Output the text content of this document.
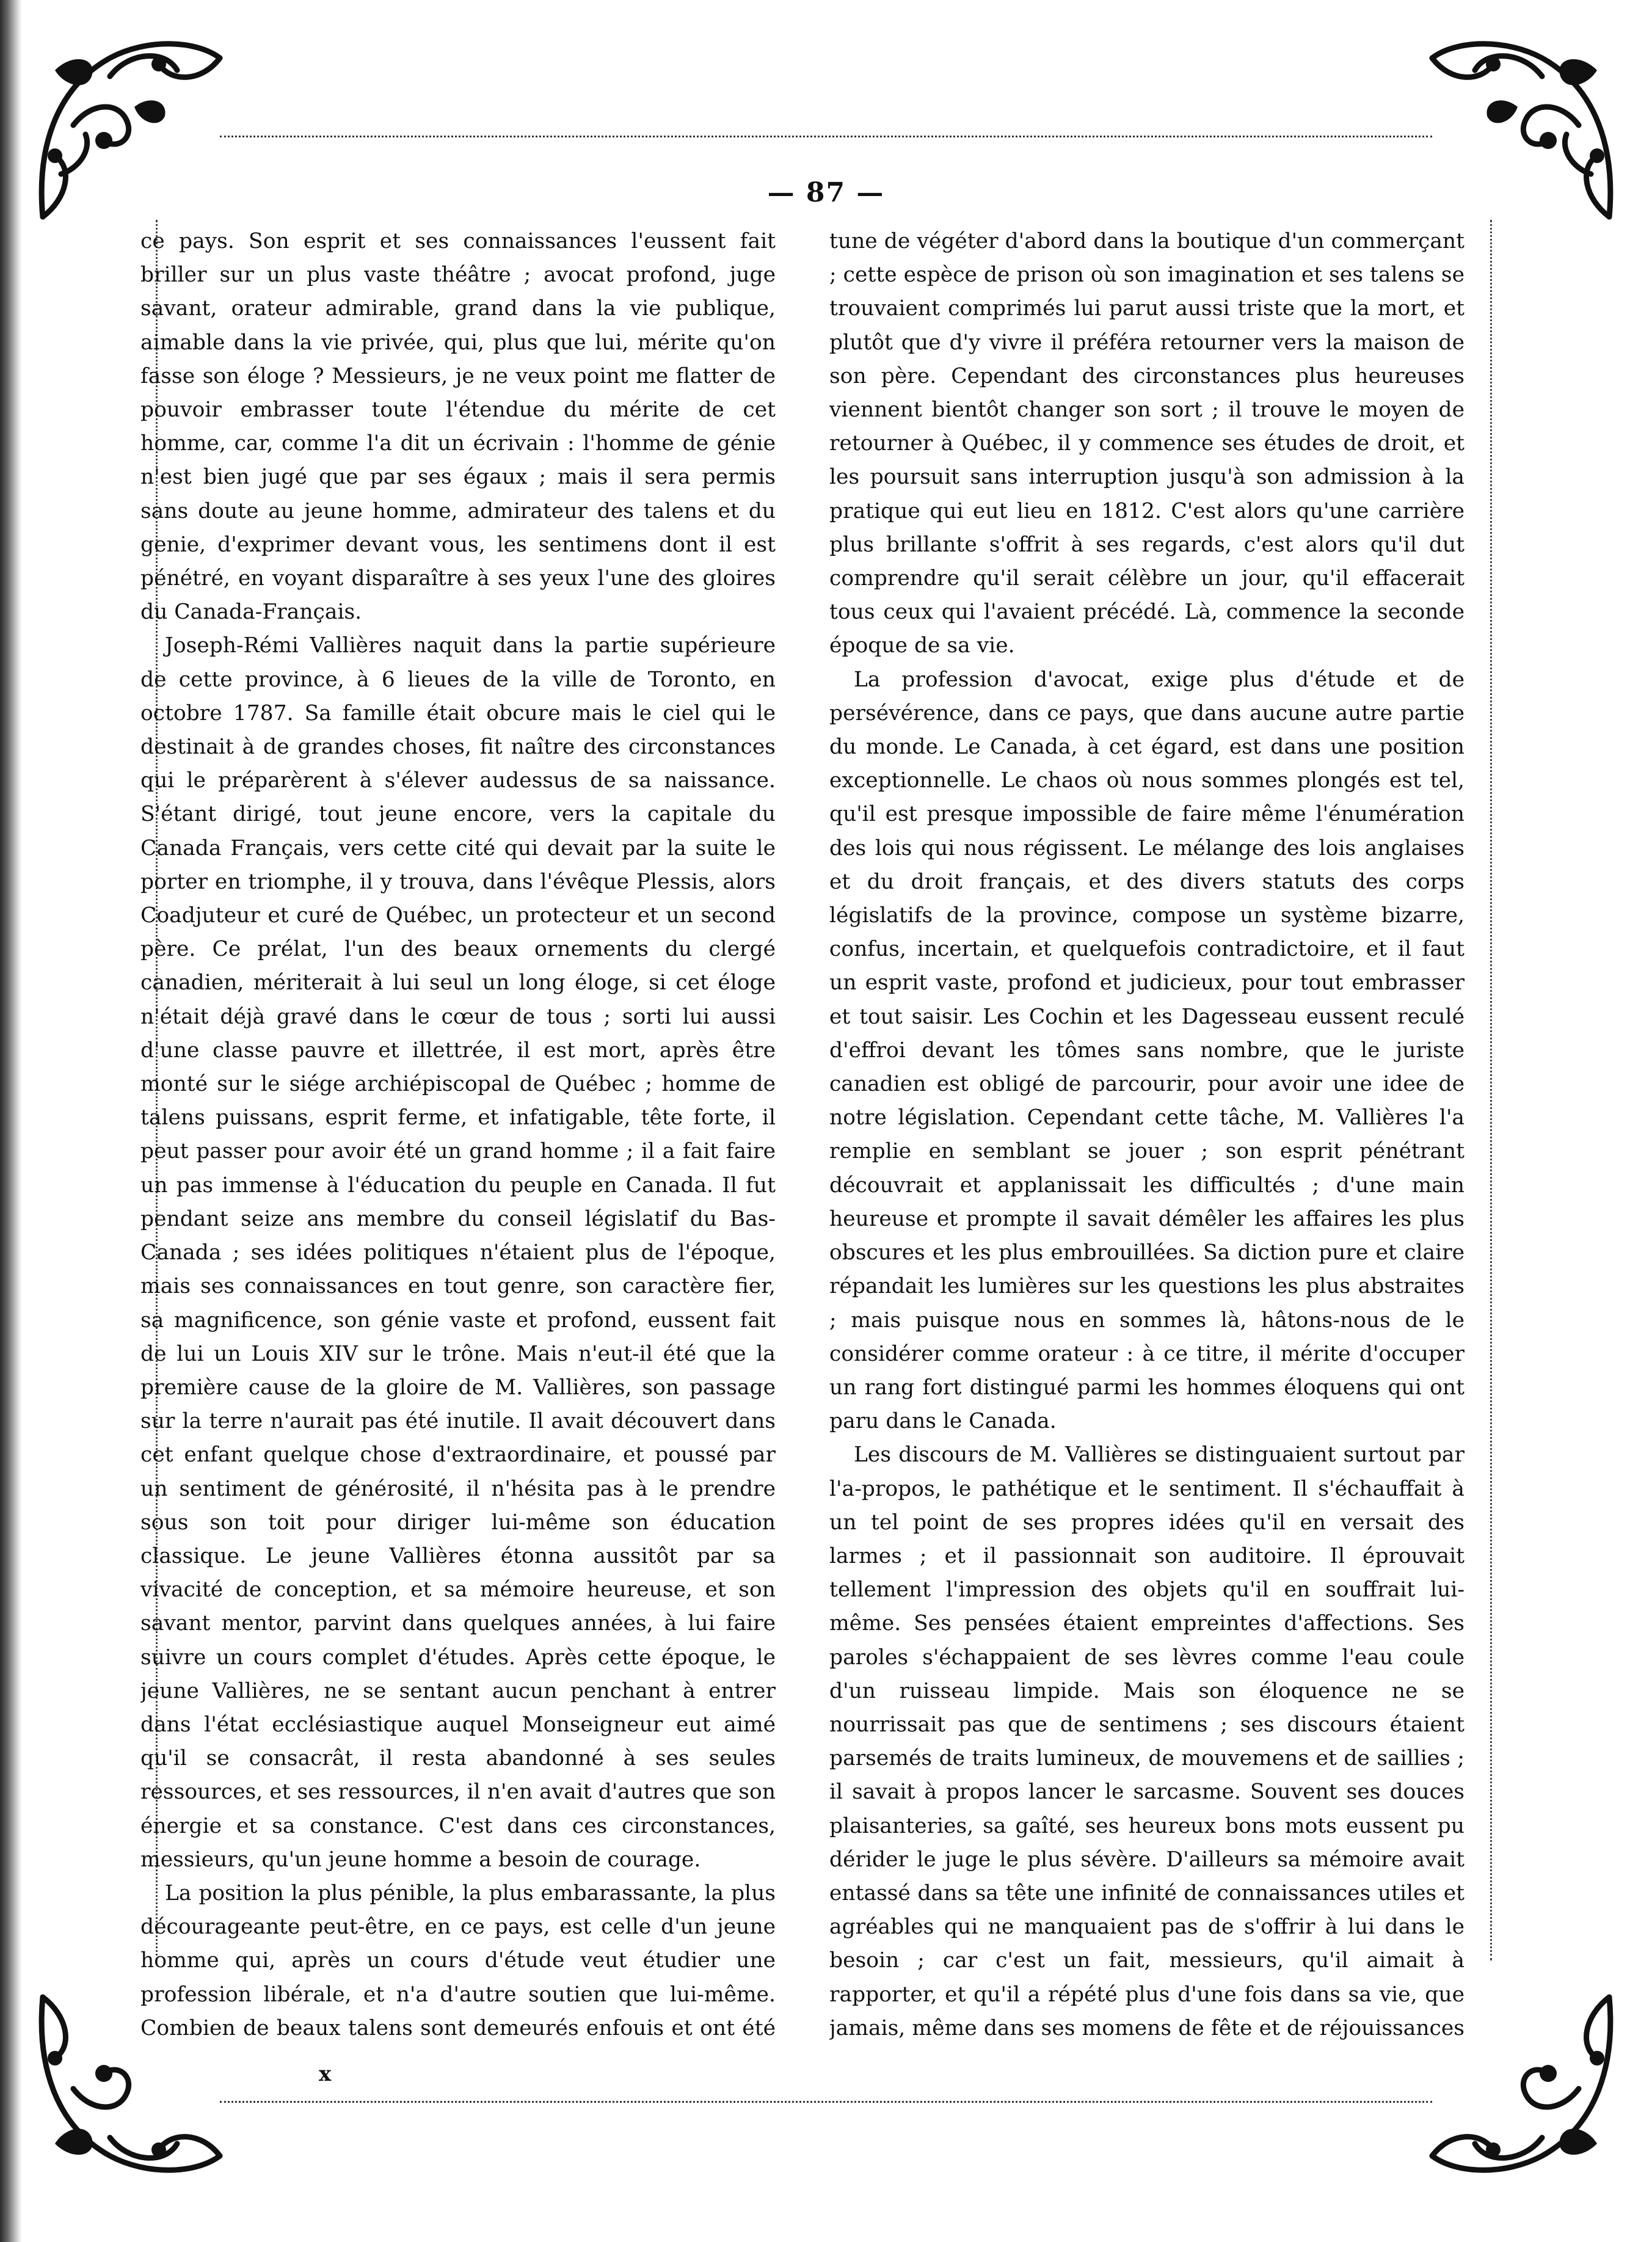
— 87 —

ce pays. Son esprit et ses connaissances l'eussent fait briller sur un plus vaste théâtre ; avocat profond, juge savant, orateur admirable, grand dans la vie publique, aimable dans la vie privée, qui, plus que lui, mérite qu'on fasse son éloge ? Messieurs, je ne veux point me flatter de pouvoir embrasser toute l'étendue du mérite de cet homme, car, comme l'a dit un écrivain : l'homme de génie n'est bien jugé que par ses égaux ; mais il sera permis sans doute au jeune homme, admirateur des talens et du genie, d'exprimer devant vous, les sentimens dont il est pénétré, en voyant disparaître à ses yeux l'une des gloires du Canada-Français.

Joseph-Rémi Vallières naquit dans la partie supérieure de cette province, à 6 lieues de la ville de Toronto, en octobre 1787. Sa famille était obcure mais le ciel qui le destinait à de grandes choses, fit naître des circonstances qui le préparèrent à s'élever audessus de sa naissance. S'étant dirigé, tout jeune encore, vers la capitale du Canada Français, vers cette cité qui devait par la suite le porter en triomphe, il y trouva, dans l'évêque Plessis, alors Coadjuteur et curé de Québec, un protecteur et un second père. Ce prélat, l'un des beaux ornements du clergé canadien, mériterait à lui seul un long éloge, si cet éloge n'était déjà gravé dans le cœur de tous ; sorti lui aussi d'une classe pauvre et illettrée, il est mort, après être monté sur le siége archiépiscopal de Québec ; homme de talens puissans, esprit ferme, et infatigable, tête forte, il peut passer pour avoir été un grand homme ; il a fait faire un pas immense à l'éducation du peuple en Canada. Il fut pendant seize ans membre du conseil législatif du Bas-Canada ; ses idées politiques n'étaient plus de l'époque, mais ses connaissances en tout genre, son caractère fier, sa magnificence, son génie vaste et profond, eussent fait de lui un Louis XIV sur le trône. Mais n'eut-il été que la première cause de la gloire de M. Vallières, son passage sur la terre n'aurait pas été inutile. Il avait découvert dans cet enfant quelque chose d'extraordinaire, et poussé par un sentiment de générosité, il n'hésita pas à le prendre sous son toit pour diriger lui-même son éducation classique. Le jeune Vallières étonna aussitôt par sa vivacité de conception, et sa mémoire heureuse, et son savant mentor, parvint dans quelques années, à lui faire suivre un cours complet d'études. Après cette époque, le jeune Vallières, ne se sentant aucun penchant à entrer dans l'état ecclésiastique auquel Monseigneur eut aimé qu'il se consacrât, il resta abandonné à ses seules ressources, et ses ressources, il n'en avait d'autres que son énergie et sa constance. C'est dans ces circonstances, messieurs, qu'un jeune homme a besoin de courage.

La position la plus pénible, la plus embarassante, la plus décourageante peut-être, en ce pays, est celle d'un jeune homme qui, après un cours d'étude veut étudier une profession libérale, et n'a d'autre soutien que lui-même. Combien de beaux talens sont demeurés enfouis et ont été

tune de végéter d'abord dans la boutique d'un commerçant ; cette espèce de prison où son imagination et ses talens se trouvaient comprimés lui parut aussi triste que la mort, et plutôt que d'y vivre il préféra retourner vers la maison de son père. Cependant des circonstances plus heureuses viennent bientôt changer son sort ; il trouve le moyen de retourner à Québec, il y commence ses études de droit, et les poursuit sans interruption jusqu'à son admission à la pratique qui eut lieu en 1812. C'est alors qu'une carrière plus brillante s'offrit à ses regards, c'est alors qu'il dut comprendre qu'il serait célèbre un jour, qu'il effacerait tous ceux qui l'avaient précédé. Là, commence la seconde époque de sa vie.

La profession d'avocat, exige plus d'étude et de persévérence, dans ce pays, que dans aucune autre partie du monde. Le Canada, à cet égard, est dans une position exceptionnelle. Le chaos où nous sommes plongés est tel, qu'il est presque impossible de faire même l'énumération des lois qui nous régissent. Le mélange des lois anglaises et du droit français, et des divers statuts des corps législatifs de la province, compose un système bizarre, confus, incertain, et quelquefois contradictoire, et il faut un esprit vaste, profond et judicieux, pour tout embrasser et tout saisir. Les Cochin et les Dagesseau eussent reculé d'effroi devant les tômes sans nombre, que le juriste canadien est obligé de parcourir, pour avoir une idee de notre législation. Cependant cette tâche, M. Vallières l'a remplie en semblant se jouer ; son esprit pénétrant découvrait et applanissait les difficultés ; d'une main heureuse et prompte il savait démêler les affaires les plus obscures et les plus embrouillées. Sa diction pure et claire répandait les lumières sur les questions les plus abstraites ; mais puisque nous en sommes là, hâtons-nous de le considérer comme orateur : à ce titre, il mérite d'occuper un rang fort distingué parmi les hommes éloquens qui ont paru dans le Canada.

Les discours de M. Vallières se distinguaient surtout par l'a-propos, le pathétique et le sentiment. Il s'échauffait à un tel point de ses propres idées qu'il en versait des larmes ; et il passionnait son auditoire. Il éprouvait tellement l'impression des objets qu'il en souffrait lui-même. Ses pensées étaient empreintes d'affections. Ses paroles s'échappaient de ses lèvres comme l'eau coule d'un ruisseau limpide. Mais son éloquence ne se nourrissait pas que de sentimens ; ses discours étaient parsemés de traits lumineux, de mouvemens et de saillies ; il savait à propos lancer le sarcasme. Souvent ses douces plaisanteries, sa gaîté, ses heureux bons mots eussent pu dérider le juge le plus sévère. D'ailleurs sa mémoire avait entassé dans sa tête une infinité de connaissances utiles et agréables qui ne manquaient pas de s'offrir à lui dans le besoin ; car c'est un fait, messieurs, qu'il aimait à rapporter, et qu'il a répété plus d'une fois dans sa vie, que jamais, même dans ses momens de fête et de réjouissances

x
